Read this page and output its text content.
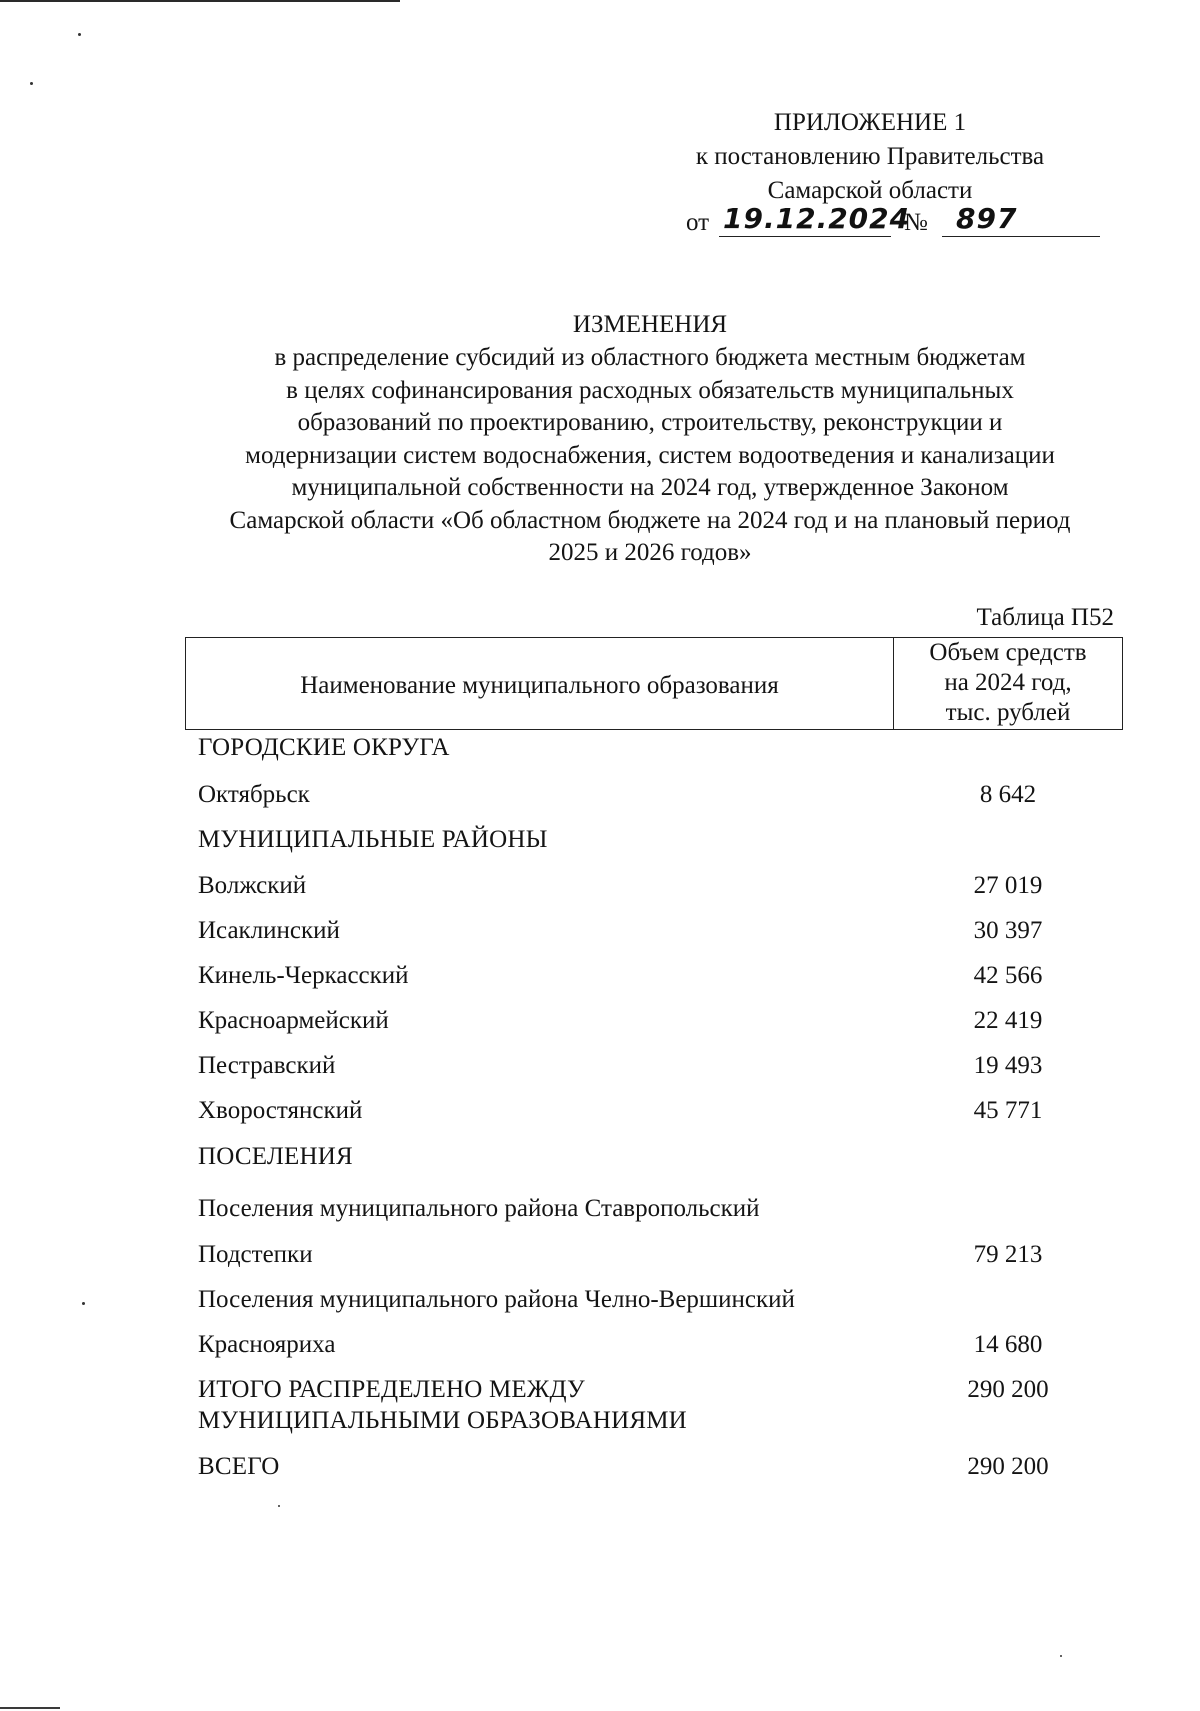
ПРИЛОЖЕНИЕ 1
к постановлению Правительства
Самарской области
от 19.12.2024
№ 897
ИЗМЕНЕНИЯ
в распределение субсидий из областного бюджета местным бюджетам
в целях софинансирования расходных обязательств муниципальных
образований по проектированию, строительству, реконструкции и
модернизации систем водоснабжения, систем водоотведения и канализации
муниципальной собственности на 2024 год, утвержденное Законом
Самарской области «Об областном бюджете на 2024 год и на плановый период
2025 и 2026 годов»
Таблица П52
Наименование муниципального образования
Объем средств
на 2024 год,
тыс. рублей
ГОРОДСКИЕ ОКРУГА
Октябрьск	8 642
МУНИЦИПАЛЬНЫЕ РАЙОНЫ
Волжский	27 019
Исаклинский	30 397
Кинель-Черкасский	42 566
Красноармейский	22 419
Пестравский	19 493
Хворостянский	45 771
ПОСЕЛЕНИЯ
Поселения муниципального района Ставропольский
Подстепки	79 213
Поселения муниципального района Челно-Вершинский
Краснояриха	14 680
ИТОГО РАСПРЕДЕЛЕНО МЕЖДУ	290 200
МУНИЦИПАЛЬНЫМИ ОБРАЗОВАНИЯМИ
ВСЕГО	290 200
